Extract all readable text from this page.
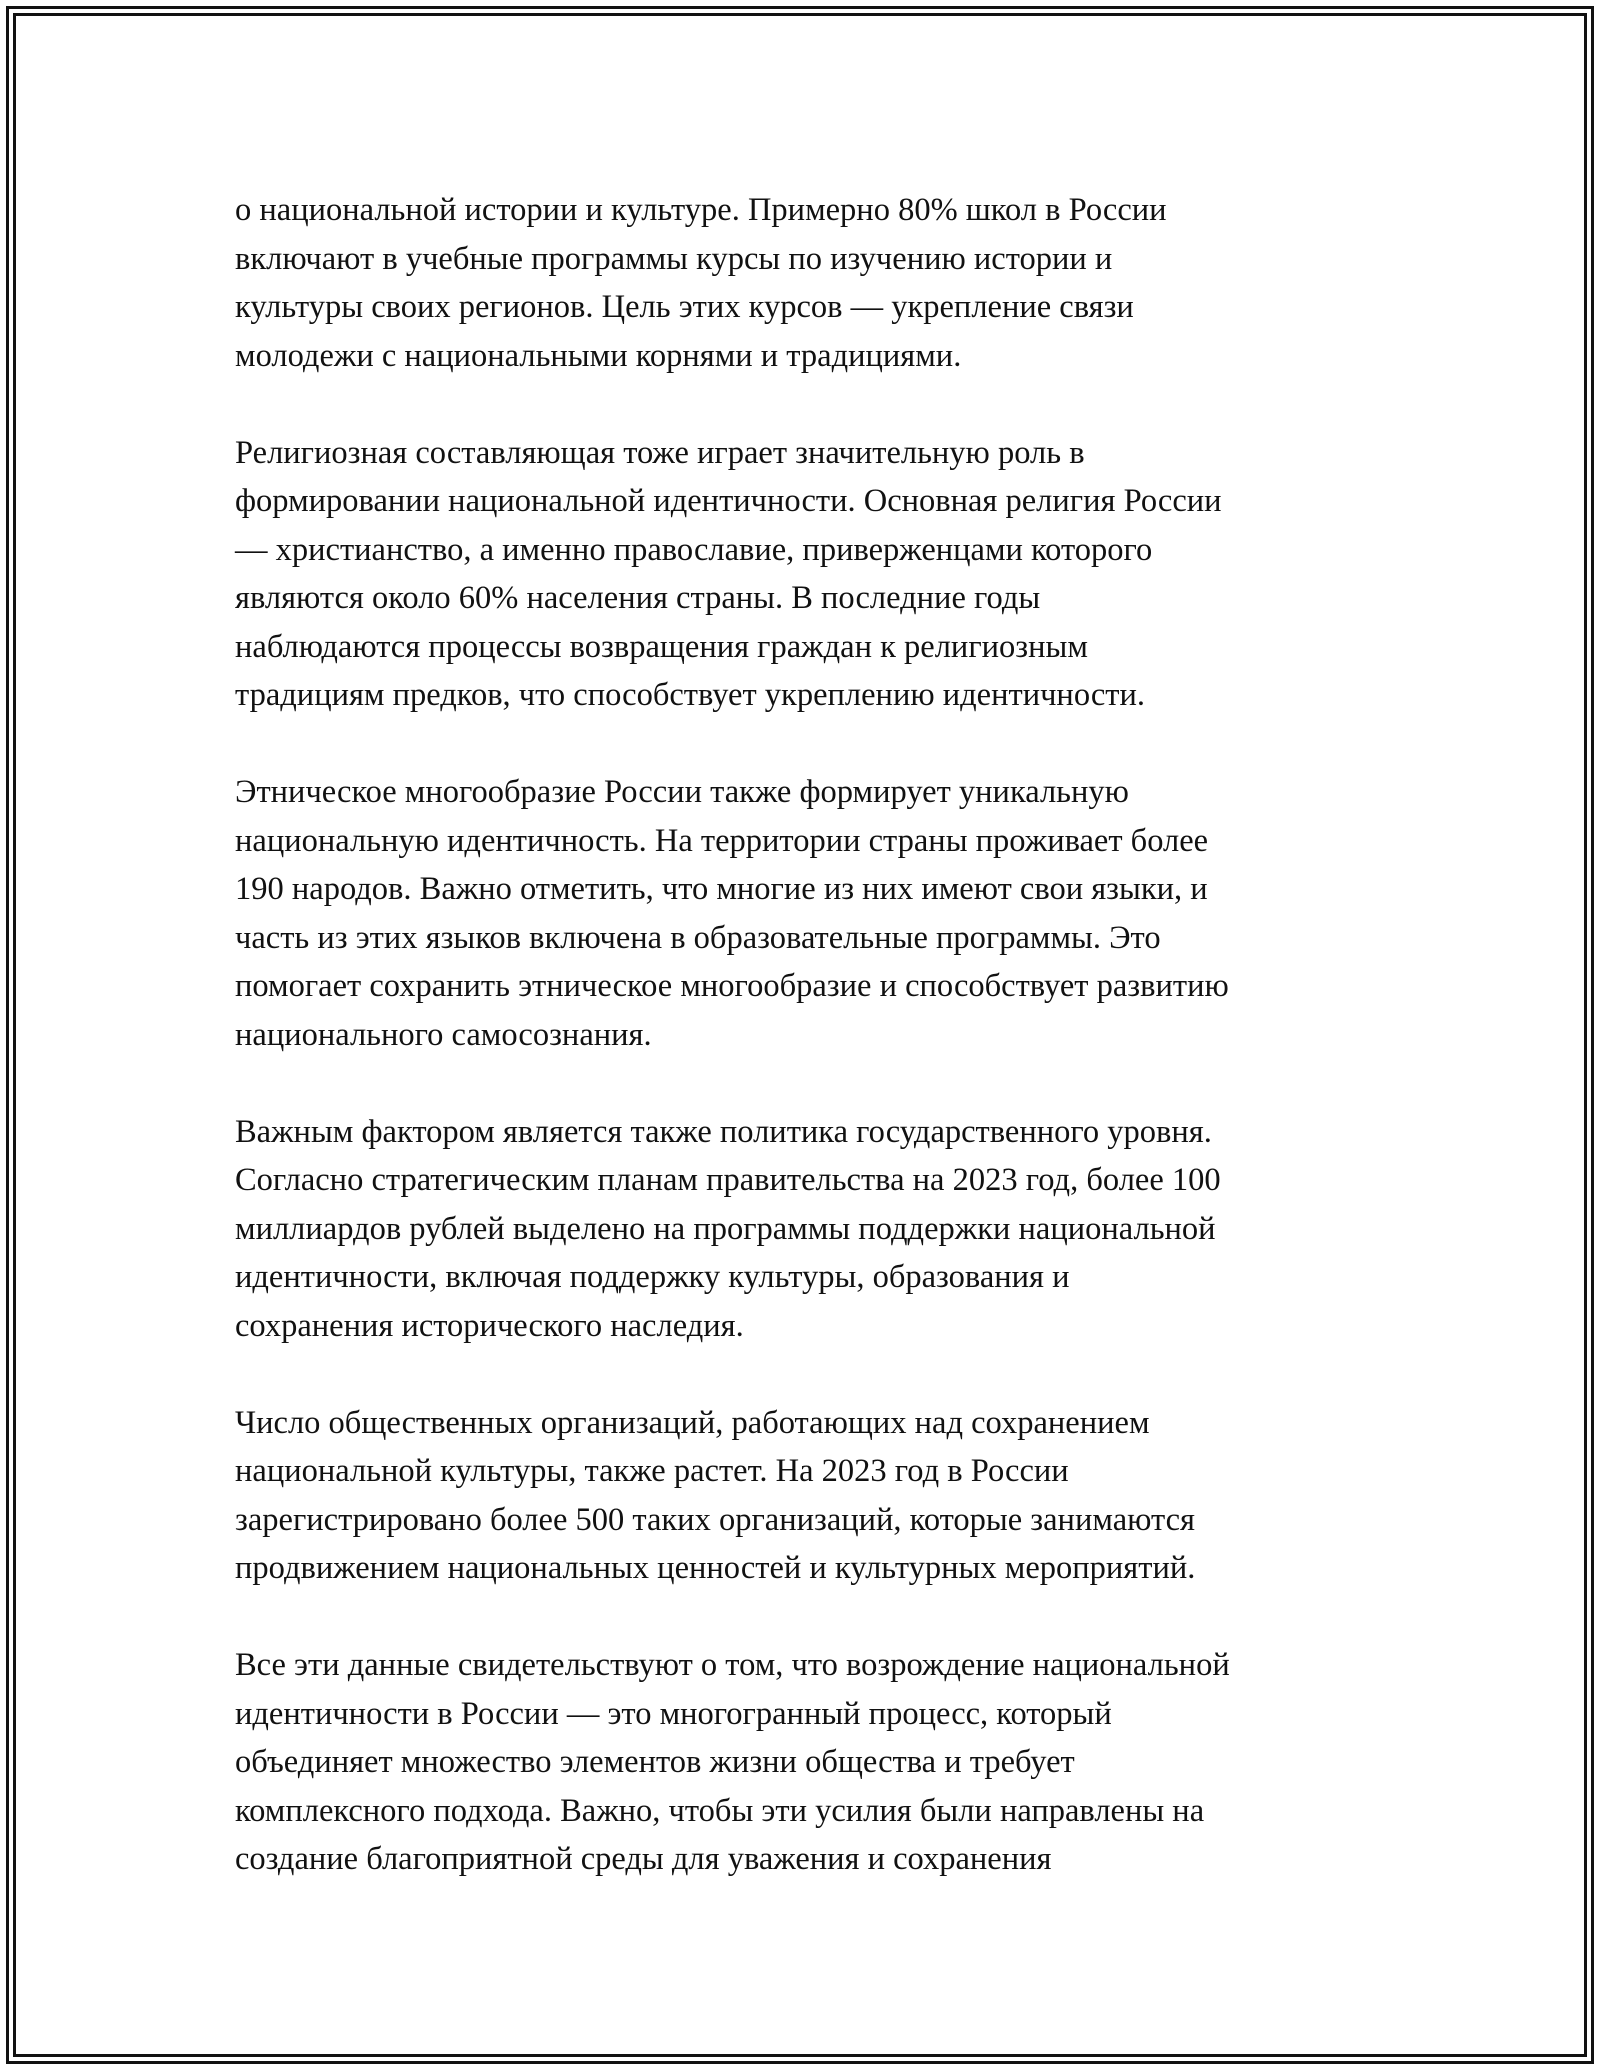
о национальной истории и культуре. Примерно 80% школ в России
включают в учебные программы курсы по изучению истории и
культуры своих регионов. Цель этих курсов — укрепление связи
молодежи с национальными корнями и традициями.
Религиозная составляющая тоже играет значительную роль в
формировании национальной идентичности. Основная религия России
— христианство, а именно православие, приверженцами которого
являются около 60% населения страны. В последние годы
наблюдаются процессы возвращения граждан к религиозным
традициям предков, что способствует укреплению идентичности.
Этническое многообразие России также формирует уникальную
национальную идентичность. На территории страны проживает более
190 народов. Важно отметить, что многие из них имеют свои языки, и
часть из этих языков включена в образовательные программы. Это
помогает сохранить этническое многообразие и способствует развитию
национального самосознания.
Важным фактором является также политика государственного уровня.
Согласно стратегическим планам правительства на 2023 год, более 100
миллиардов рублей выделено на программы поддержки национальной
идентичности, включая поддержку культуры, образования и
сохранения исторического наследия.
Число общественных организаций, работающих над сохранением
национальной культуры, также растет. На 2023 год в России
зарегистрировано более 500 таких организаций, которые занимаются
продвижением национальных ценностей и культурных мероприятий.
Все эти данные свидетельствуют о том, что возрождение национальной
идентичности в России — это многогранный процесс, который
объединяет множество элементов жизни общества и требует
комплексного подхода. Важно, чтобы эти усилия были направлены на
создание благоприятной среды для уважения и сохранения
